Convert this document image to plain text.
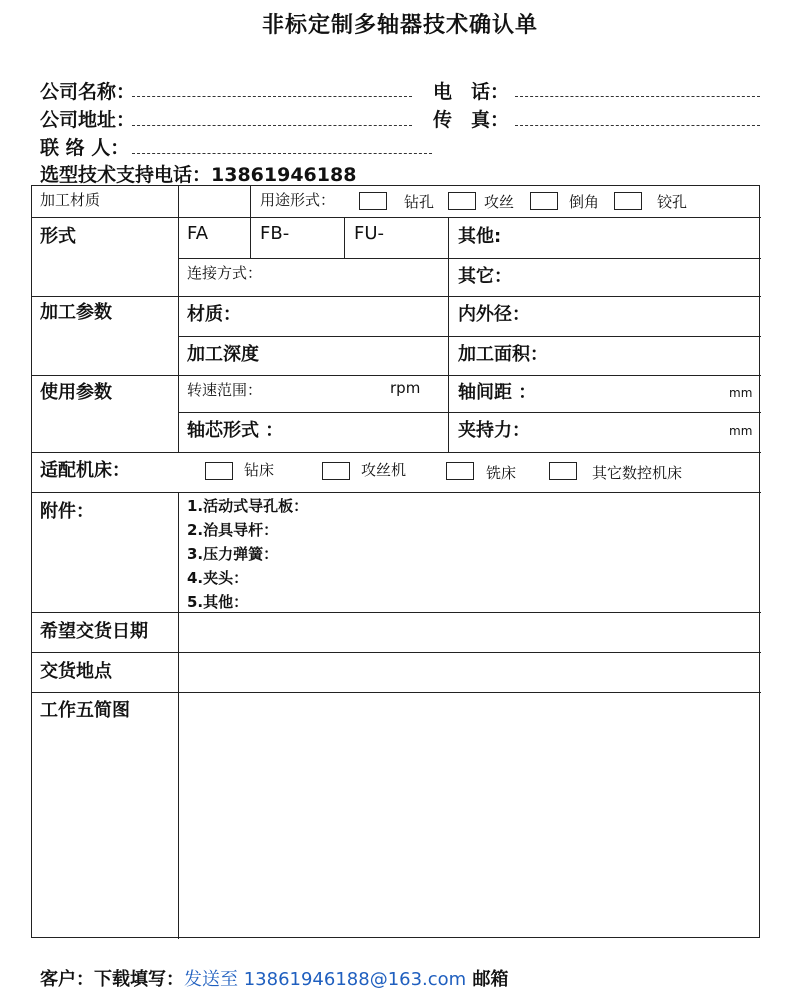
非标定制多轴器技术确认单
公司名称：	电　话：
公司地址：	传　真：
联 络 人：
选型技术支持电话：13861946188
加工材质	用途形式：	钻孔	攻丝	倒角	铰孔
形式	FA	FB-	FU-	其他:
连接方式：	其它：
加工参数	材质：	内外径：
加工深度	加工面积：
使用参数	转速范围：	rpm 轴间距 ：	mm
轴芯形式 ：	夹持力：	mm
适配机床：	钻床	攻丝机	铣床	其它数控机床
附件：	1.活动式导孔板：
2.治具导杆：
3.压力弹簧：
4.夹头：
5.其他：
希望交货日期
交货地点
工作五简图
客户：下载填写：发送至 13861946188@163.com 邮箱
